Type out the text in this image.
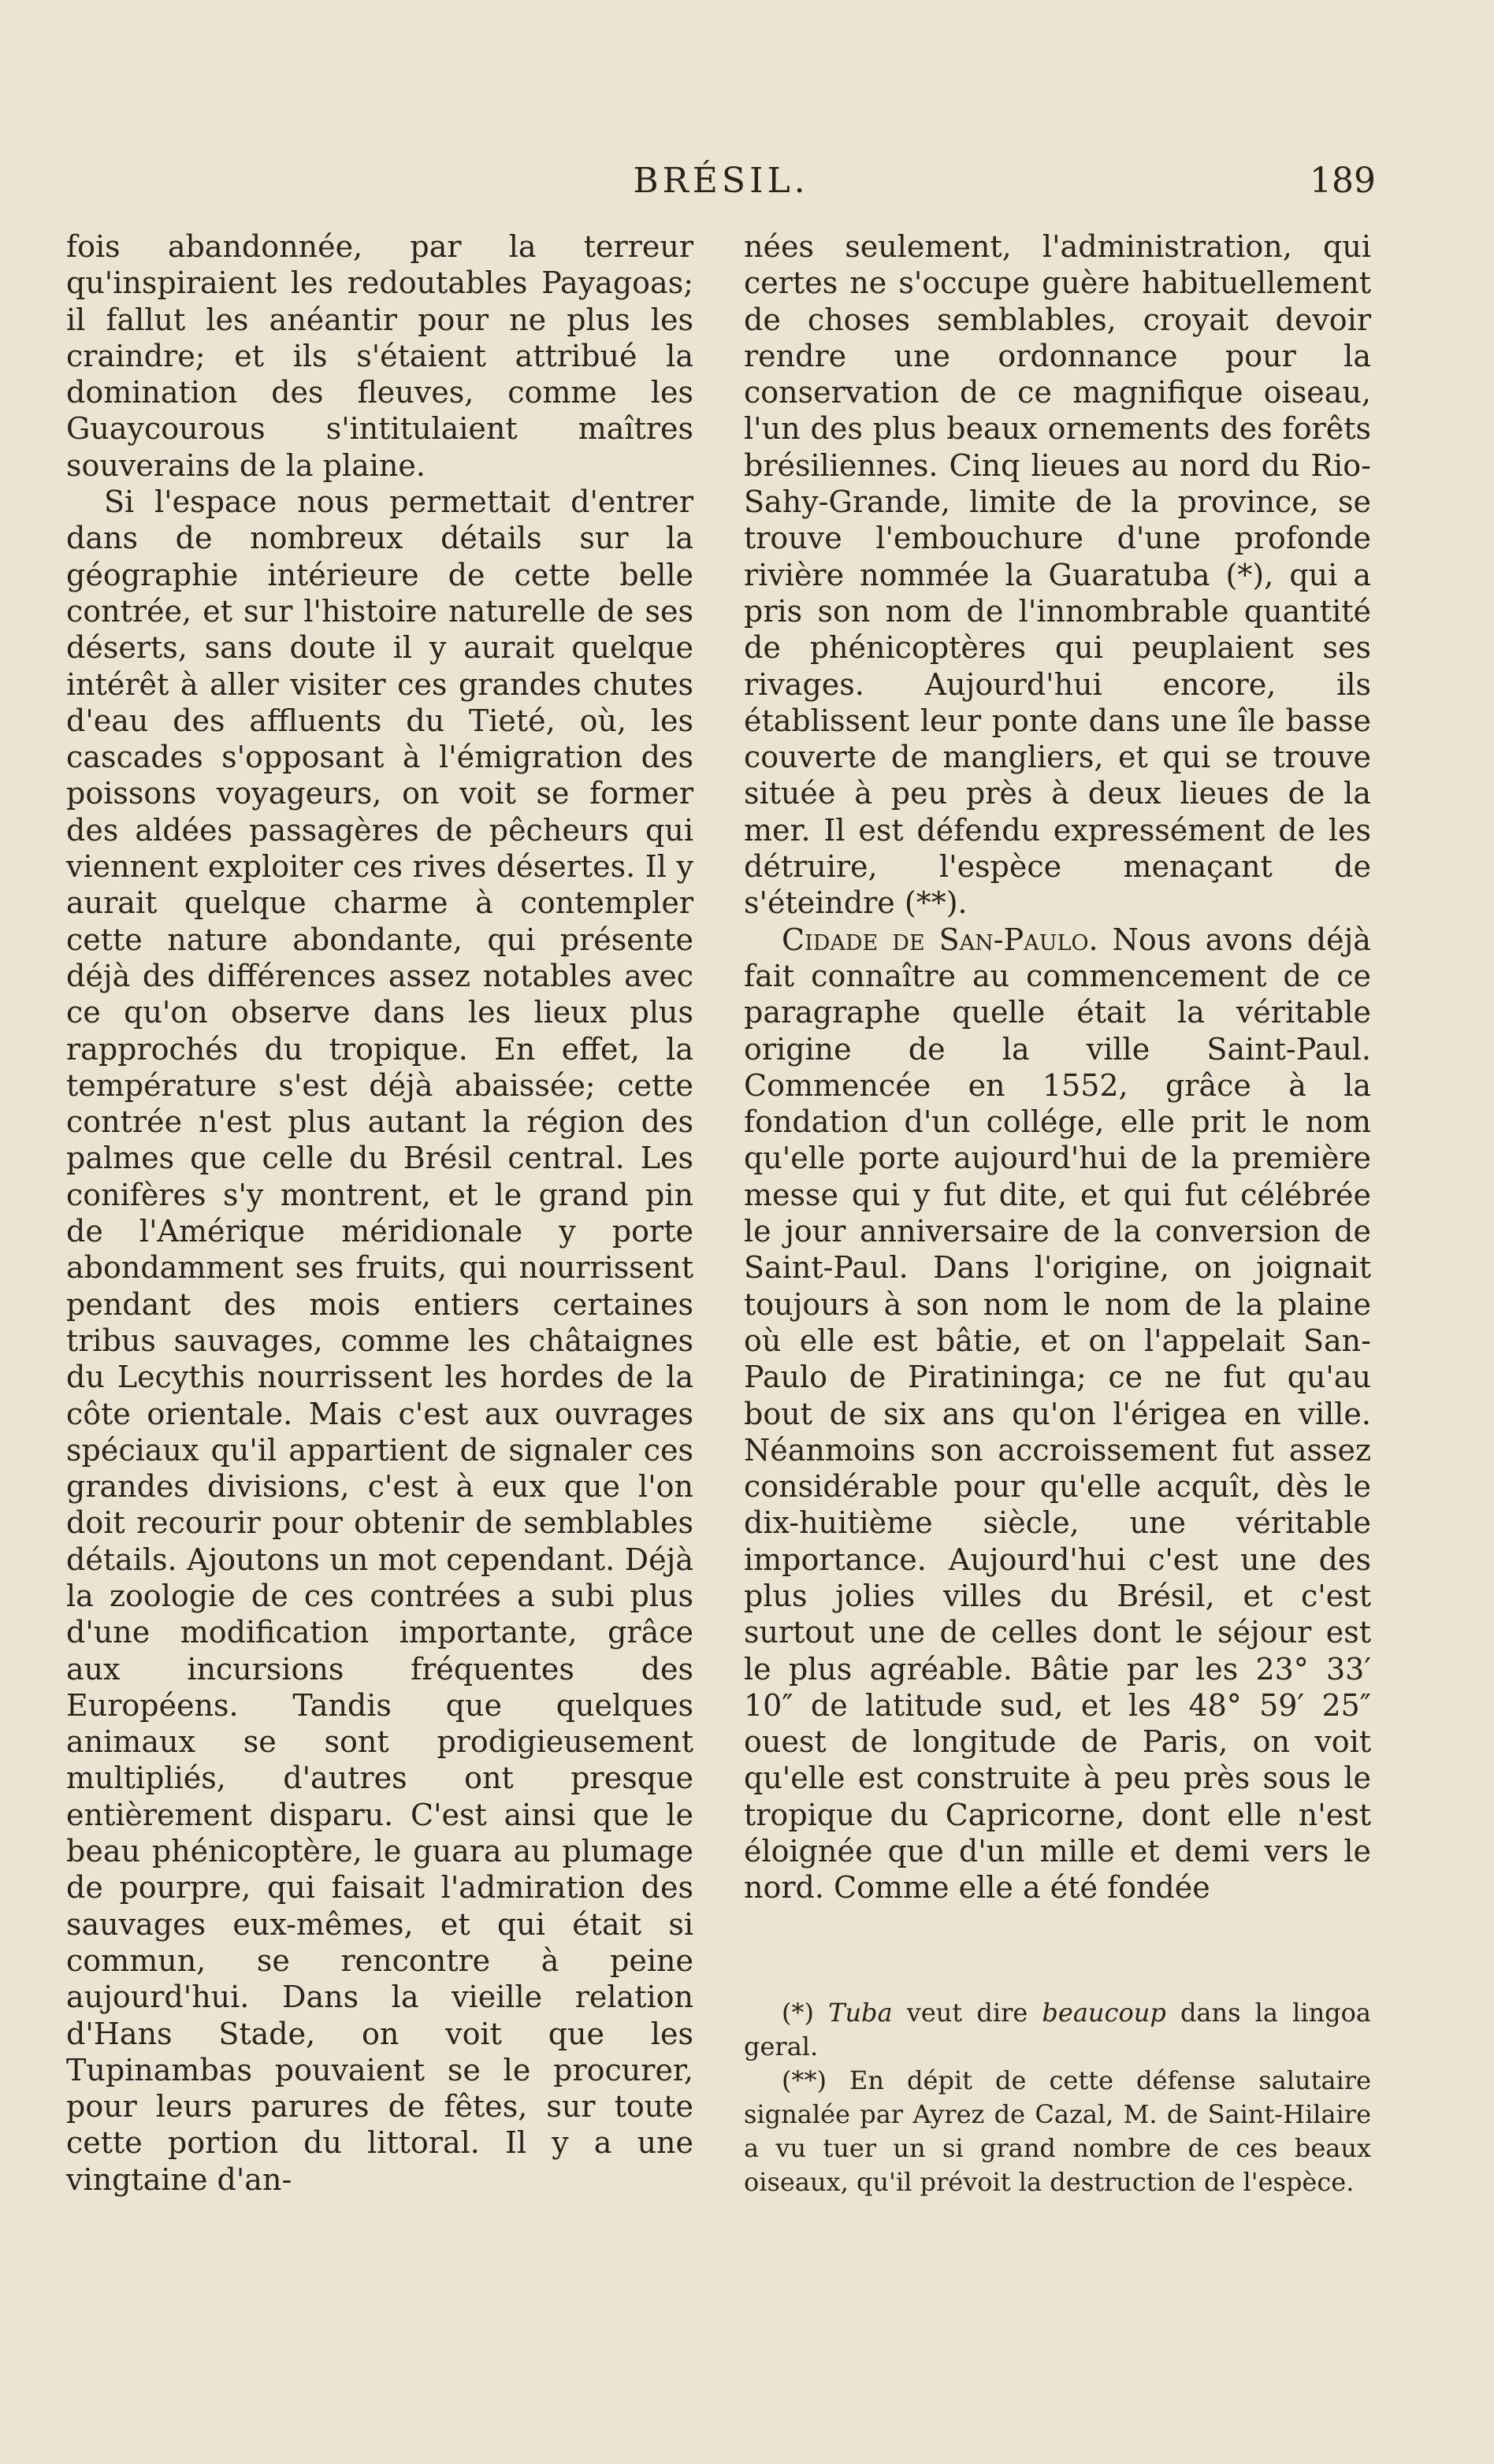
BRÉSIL.	189

fois abandonnée, par la terreur qu'inspiraient les redoutables Payagoas; il fallut les anéantir pour ne plus les craindre; et ils s'étaient attribué la domination des fleuves, comme les Guaycourous s'intitulaient maîtres souverains de la plaine.

Si l'espace nous permettait d'entrer dans de nombreux détails sur la géographie intérieure de cette belle contrée, et sur l'histoire naturelle de ses déserts, sans doute il y aurait quelque intérêt à aller visiter ces grandes chutes d'eau des affluents du Tieté, où, les cascades s'opposant à l'émigration des poissons voyageurs, on voit se former des aldées passagères de pêcheurs qui viennent exploiter ces rives désertes. Il y aurait quelque charme à contempler cette nature abondante, qui présente déjà des différences assez notables avec ce qu'on observe dans les lieux plus rapprochés du tropique. En effet, la température s'est déjà abaissée; cette contrée n'est plus autant la région des palmes que celle du Brésil central. Les conifères s'y montrent, et le grand pin de l'Amérique méridionale y porte abondamment ses fruits, qui nourrissent pendant des mois entiers certaines tribus sauvages, comme les châtaignes du Lecythis nourrissent les hordes de la côte orientale. Mais c'est aux ouvrages spéciaux qu'il appartient de signaler ces grandes divisions, c'est à eux que l'on doit recourir pour obtenir de semblables détails. Ajoutons un mot cependant. Déjà la zoologie de ces contrées a subi plus d'une modification importante, grâce aux incursions fréquentes des Européens. Tandis que quelques animaux se sont prodigieusement multipliés, d'autres ont presque entièrement disparu. C'est ainsi que le beau phénicoptère, le guara au plumage de pourpre, qui faisait l'admiration des sauvages eux-mêmes, et qui était si commun, se rencontre à peine aujourd'hui. Dans la vieille relation d'Hans Stade, on voit que les Tupinambas pouvaient se le procurer, pour leurs parures de fêtes, sur toute cette portion du littoral. Il y a une vingtaine d'an-

nées seulement, l'administration, qui certes ne s'occupe guère habituellement de choses semblables, croyait devoir rendre une ordonnance pour la conservation de ce magnifique oiseau, l'un des plus beaux ornements des forêts brésiliennes. Cinq lieues au nord du Rio-Sahy-Grande, limite de la province, se trouve l'embouchure d'une profonde rivière nommée la Guaratuba (*), qui a pris son nom de l'innombrable quantité de phénicoptères qui peuplaient ses rivages. Aujourd'hui encore, ils établissent leur ponte dans une île basse couverte de mangliers, et qui se trouve située à peu près à deux lieues de la mer. Il est défendu expressément de les détruire, l'espèce menaçant de s'éteindre (**).

Cidade de San-Paulo. Nous avons déjà fait connaître au commencement de ce paragraphe quelle était la véritable origine de la ville Saint-Paul. Commencée en 1552, grâce à la fondation d'un collége, elle prit le nom qu'elle porte aujourd'hui de la première messe qui y fut dite, et qui fut célébrée le jour anniversaire de la conversion de Saint-Paul. Dans l'origine, on joignait toujours à son nom le nom de la plaine où elle est bâtie, et on l'appelait San-Paulo de Piratininga; ce ne fut qu'au bout de six ans qu'on l'érigea en ville. Néanmoins son accroissement fut assez considérable pour qu'elle acquît, dès le dix-huitième siècle, une véritable importance. Aujourd'hui c'est une des plus jolies villes du Brésil, et c'est surtout une de celles dont le séjour est le plus agréable. Bâtie par les 23° 33′ 10″ de latitude sud, et les 48° 59′ 25″ ouest de longitude de Paris, on voit qu'elle est construite à peu près sous le tropique du Capricorne, dont elle n'est éloignée que d'un mille et demi vers le nord. Comme elle a été fondée

(*) Tuba veut dire beaucoup dans la lingoa geral.

(**) En dépit de cette défense salutaire signalée par Ayrez de Cazal, M. de Saint-Hilaire a vu tuer un si grand nombre de ces beaux oiseaux, qu'il prévoit la destruction de l'espèce.
